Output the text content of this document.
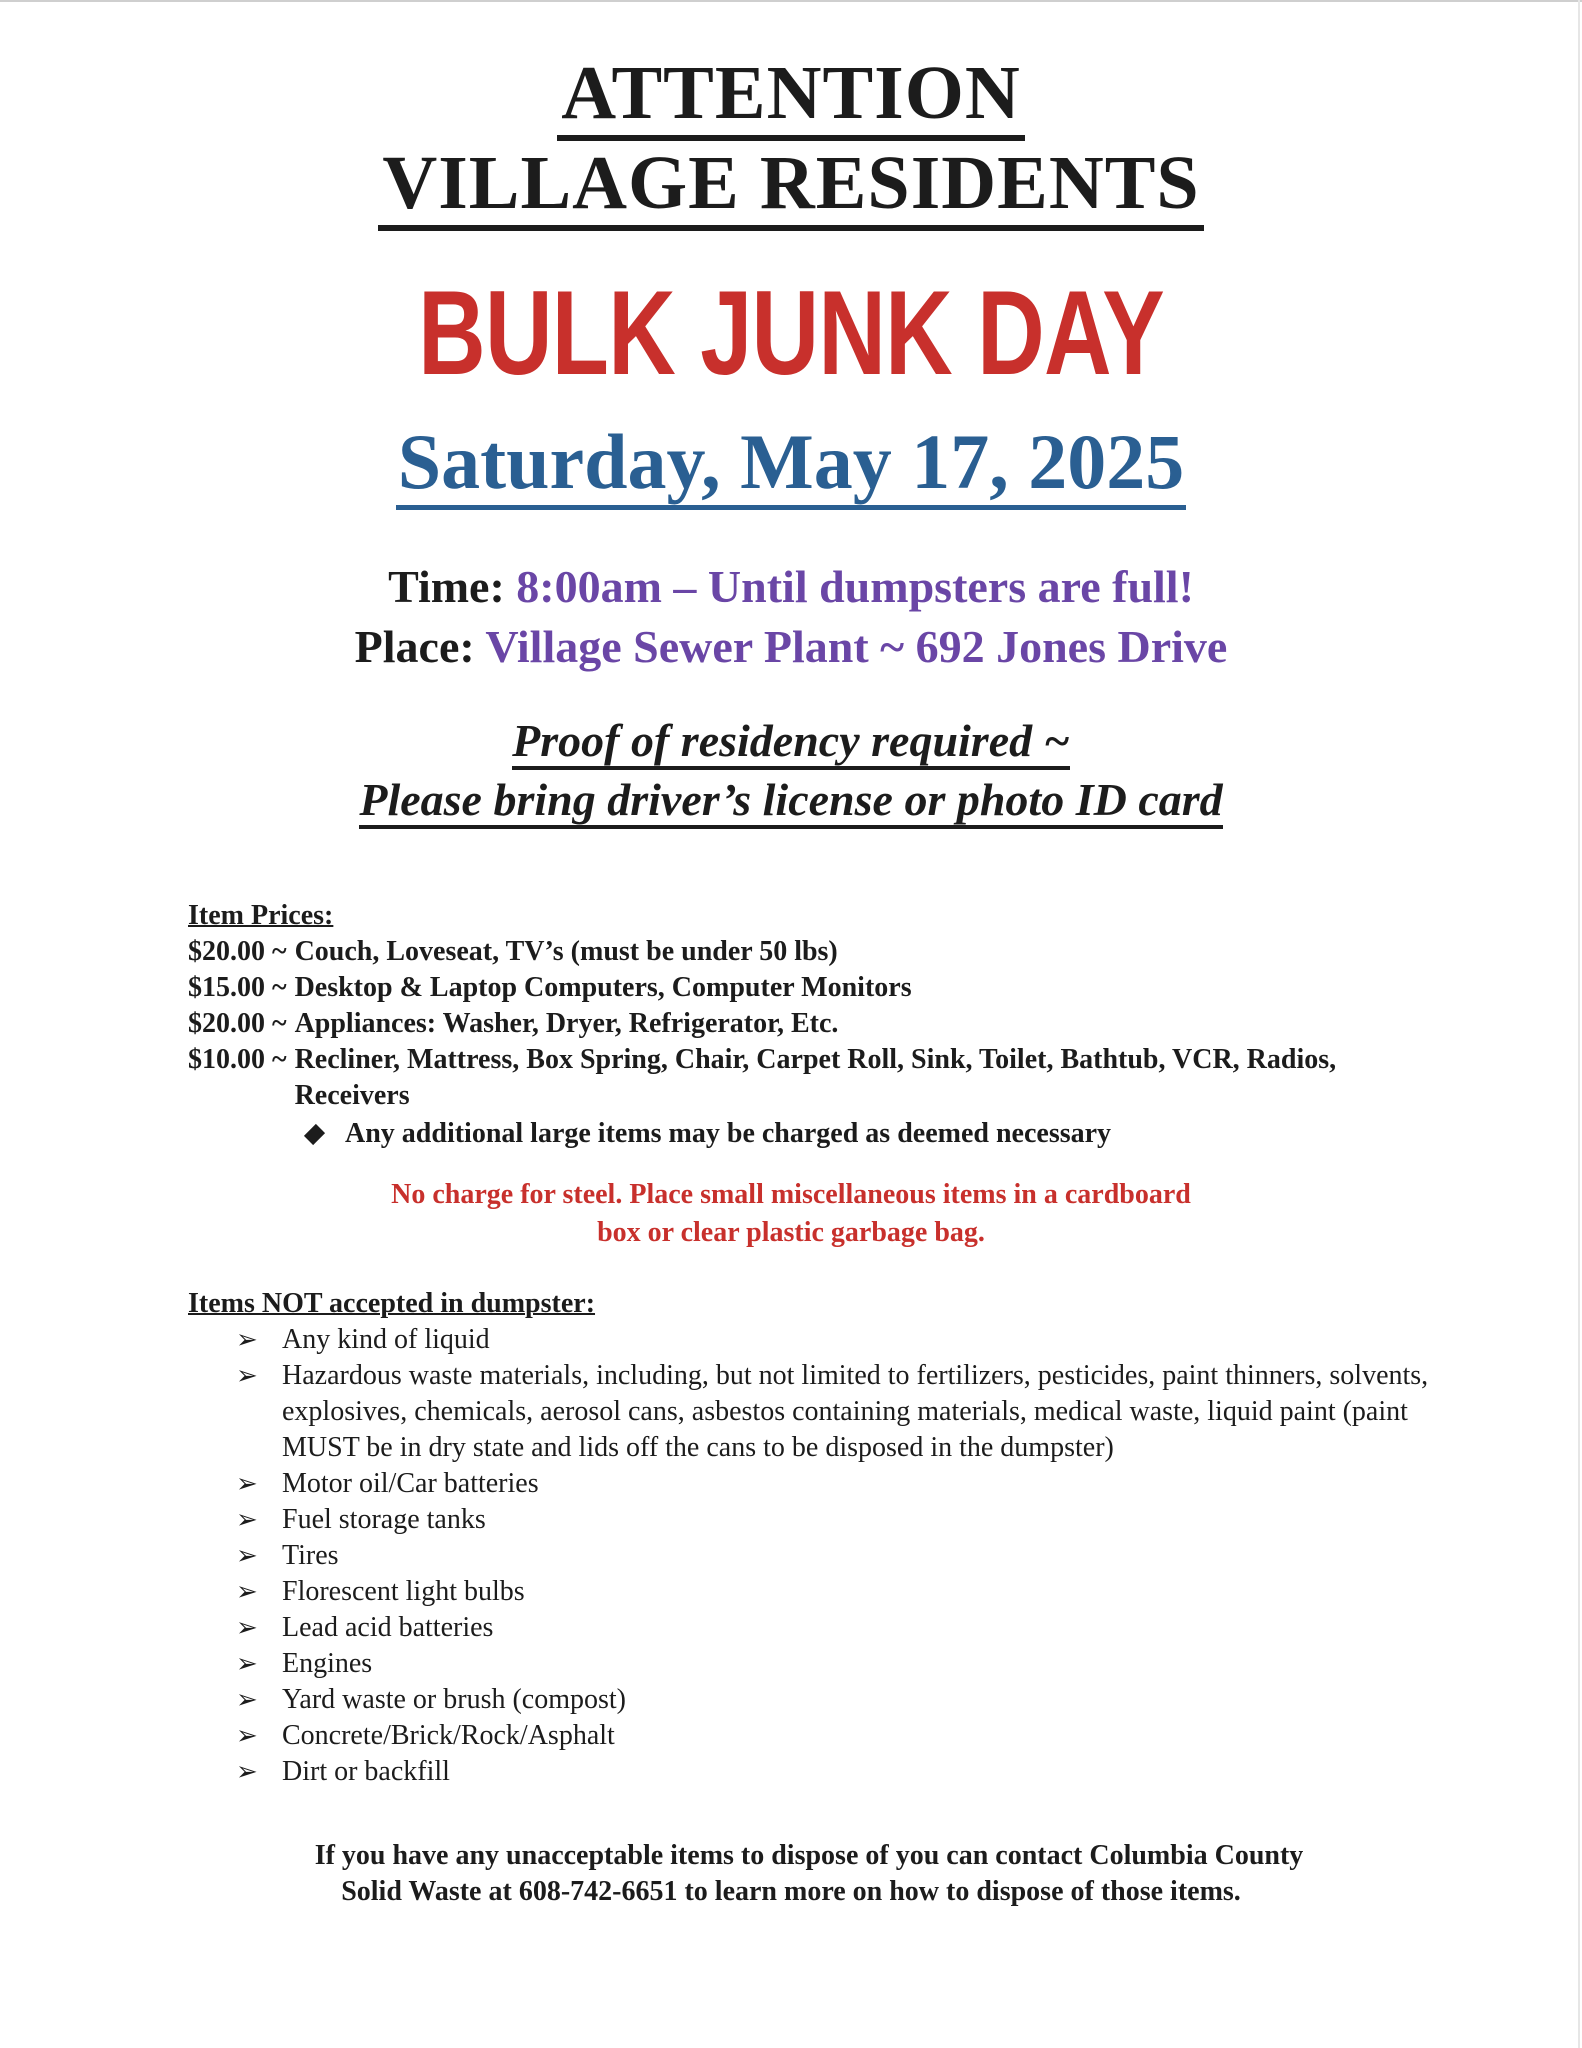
ATTENTION
VILLAGE RESIDENTS
BULK JUNK DAY
Saturday, May 17, 2025
Time: 8:00am – Until dumpsters are full!
Place: Village Sewer Plant ~ 692 Jones Drive
Proof of residency required ~
Please bring driver’s license or photo ID card
Item Prices:
$20.00 ~ Couch, Loveseat, TV’s (must be under 50 lbs)
$15.00 ~ Desktop & Laptop Computers, Computer Monitors
$20.00 ~ Appliances: Washer, Dryer, Refrigerator, Etc.
$10.00 ~ Recliner, Mattress, Box Spring, Chair, Carpet Roll, Sink, Toilet, Bathtub, VCR, Radios, Receivers
Any additional large items may be charged as deemed necessary
No charge for steel. Place small miscellaneous items in a cardboard
box or clear plastic garbage bag.
Items NOT accepted in dumpster:
➢ Any kind of liquid
➢ Hazardous waste materials, including, but not limited to fertilizers, pesticides, paint thinners, solvents, explosives, chemicals, aerosol cans, asbestos containing materials, medical waste, liquid paint (paint MUST be in dry state and lids off the cans to be disposed in the dumpster)
➢ Motor oil/Car batteries
➢ Fuel storage tanks
➢ Tires
➢ Florescent light bulbs
➢ Lead acid batteries
➢ Engines
➢ Yard waste or brush (compost)
➢ Concrete/Brick/Rock/Asphalt
➢ Dirt or backfill
If you have any unacceptable items to dispose of you can contact Columbia County
Solid Waste at 608-742-6651 to learn more on how to dispose of those items.
